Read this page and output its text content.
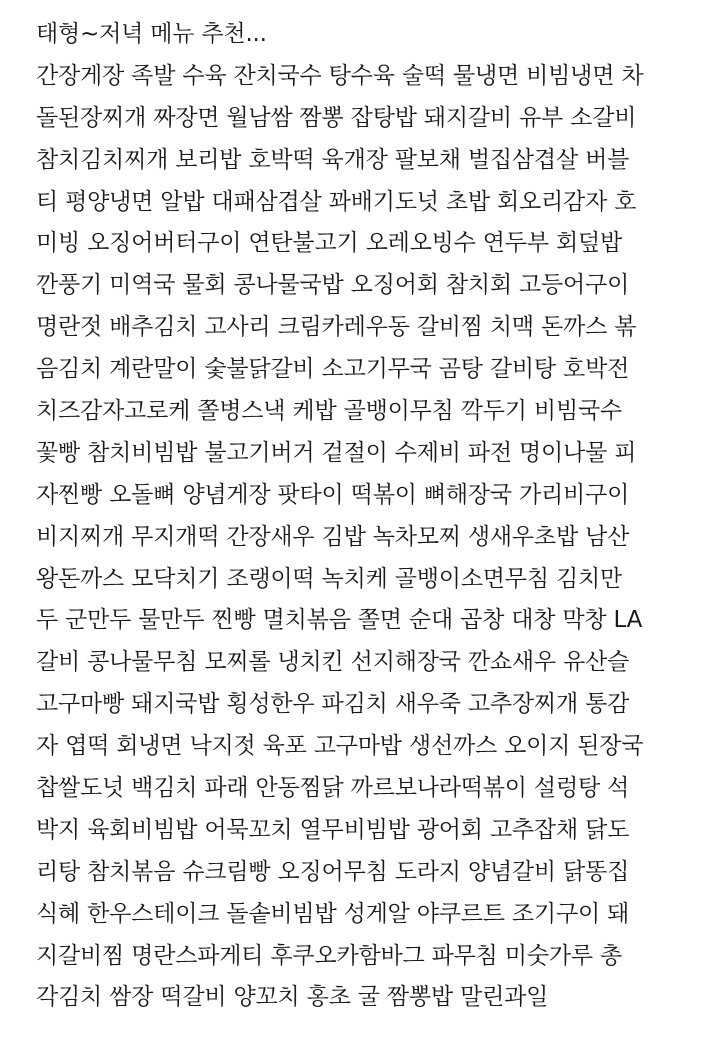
태형~저녁 메뉴 추천...
간장게장 족발 수육 잔치국수 탕수육 술떡 물냉면 비빔냉면 차
돌된장찌개 짜장면 월남쌈 짬뽕 잡탕밥 돼지갈비 유부 소갈비
참치김치찌개 보리밥 호박떡 육개장 팔보채 벌집삼겹살 버블
티 평양냉면 알밥 대패삼겹살 꽈배기도넛 초밥 회오리감자 호
미빙 오징어버터구이 연탄불고기 오레오빙수 연두부 회덮밥
깐풍기 미역국 물회 콩나물국밥 오징어회 참치회 고등어구이
명란젓 배추김치 고사리 크림카레우동 갈비찜 치맥 돈까스 볶
음김치 계란말이 숯불닭갈비 소고기무국 곰탕 갈비탕 호박전
치즈감자고로케 쫄병스낵 케밥 골뱅이무침 깍두기 비빔국수
꽃빵 참치비빔밥 불고기버거 겉절이 수제비 파전 명이나물 피
자찐빵 오돌뼈 양념게장 팟타이 떡볶이 뼈해장국 가리비구이
비지찌개 무지개떡 간장새우 김밥 녹차모찌 생새우초밥 남산
왕돈까스 모닥치기 조랭이떡 녹치케 골뱅이소면무침 김치만
두 군만두 물만두 찐빵 멸치볶음 쫄면 순대 곱창 대창 막창 LA
갈비 콩나물무침 모찌롤 냉치킨 선지해장국 깐쇼새우 유산슬
고구마빵 돼지국밥 횡성한우 파김치 새우죽 고추장찌개 통감
자 엽떡 회냉면 낙지젓 육포 고구마밥 생선까스 오이지 된장국
찹쌀도넛 백김치 파래 안동찜닭 까르보나라떡볶이 설렁탕 석
박지 육회비빔밥 어묵꼬치 열무비빔밥 광어회 고추잡채 닭도
리탕 참치볶음 슈크림빵 오징어무침 도라지 양념갈비 닭똥집
식혜 한우스테이크 돌솥비빔밥 성게알 야쿠르트 조기구이 돼
지갈비찜 명란스파게티 후쿠오카함바그 파무침 미숫가루 총
각김치 쌈장 떡갈비 양꼬치 홍초 굴 짬뽕밥 말린과일
